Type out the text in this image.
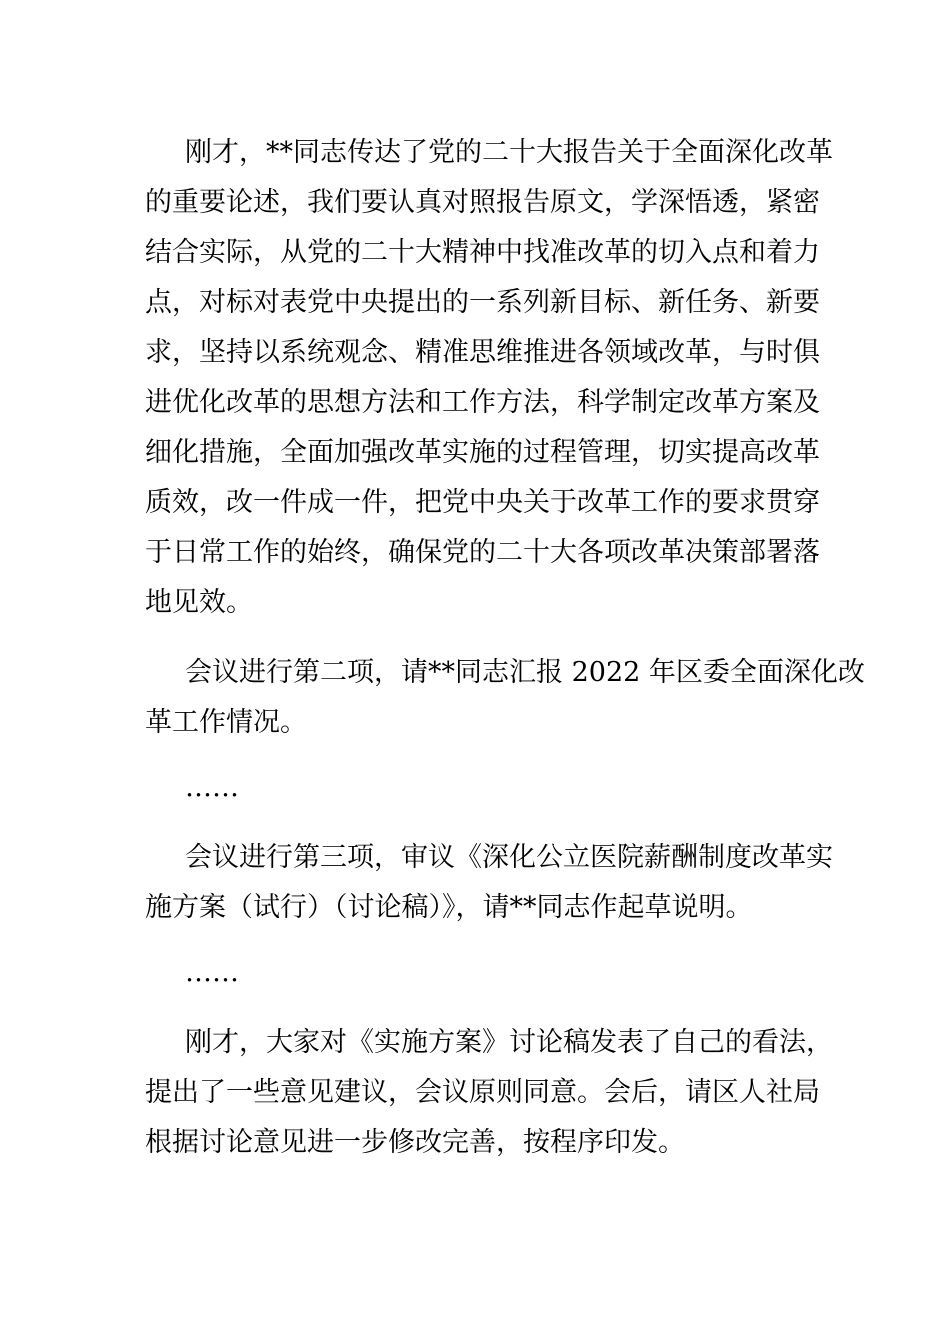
刚才，**同志传达了党的二十大报告关于全面深化改革
的重要论述，我们要认真对照报告原文，学深悟透，紧密
结合实际，从党的二十大精神中找准改革的切入点和着力
点，对标对表党中央提出的一系列新目标、新任务、新要
求，坚持以系统观念、精准思维推进各领域改革，与时俱
进优化改革的思想方法和工作方法，科学制定改革方案及
细化措施，全面加强改革实施的过程管理，切实提高改革
质效，改一件成一件，把党中央关于改革工作的要求贯穿
于日常工作的始终，确保党的二十大各项改革决策部署落
地见效。
会议进行第二项，请**同志汇报 2022 年区委全面深化改
革工作情况。
……
会议进行第三项，审议《深化公立医院薪酬制度改革实
施方案（试行）（讨论稿）》，请**同志作起草说明。
……
刚才，大家对《实施方案》讨论稿发表了自己的看法，
提出了一些意见建议，会议原则同意。会后，请区人社局
根据讨论意见进一步修改完善，按程序印发。
